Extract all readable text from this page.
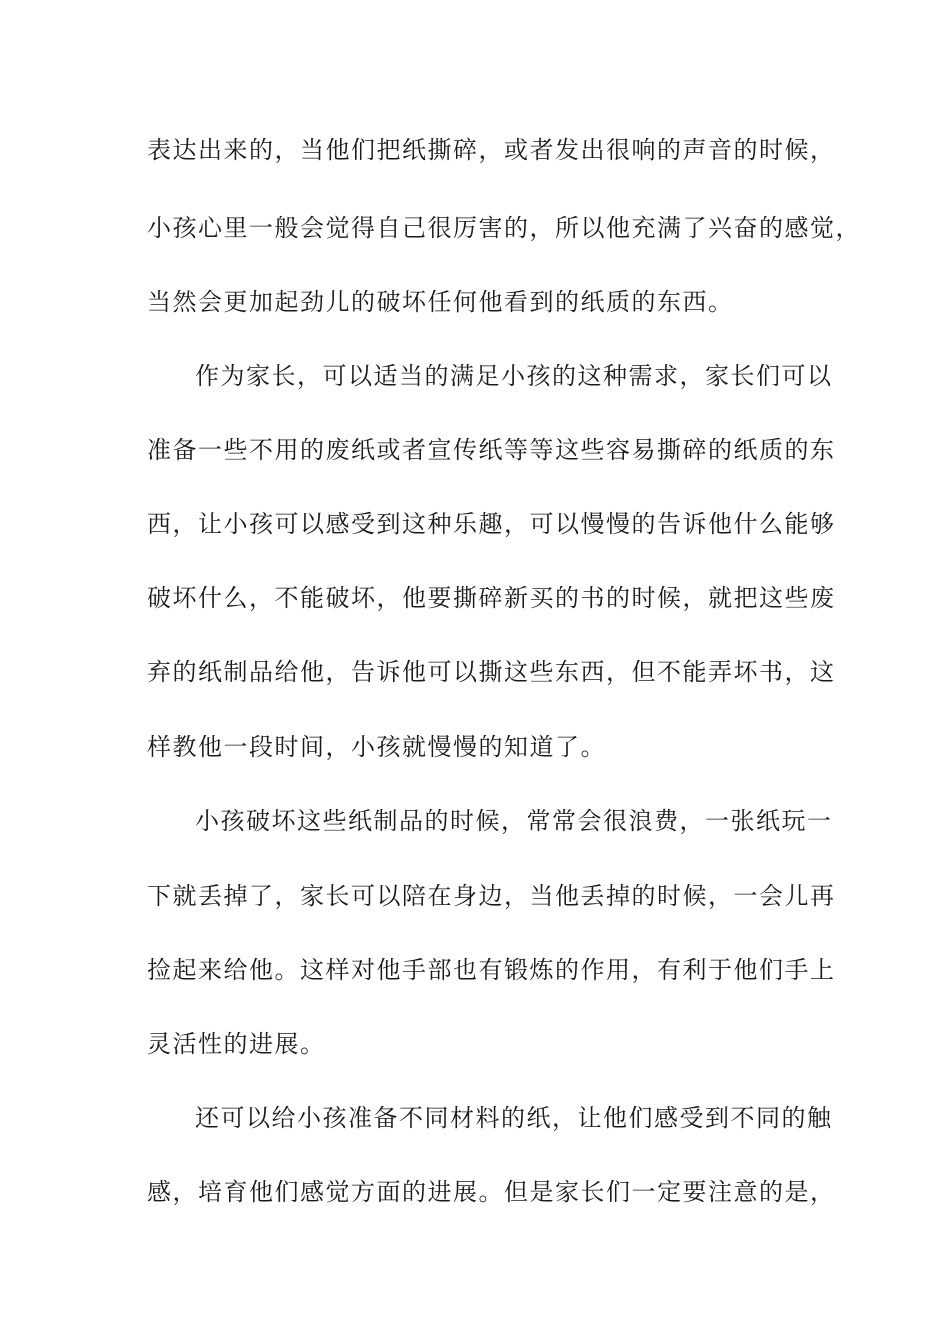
表达出来的，当他们把纸撕碎，或者发出很响的声音的时候，
小孩心里一般会觉得自己很厉害的，所以他充满了兴奋的感觉，
当然会更加起劲儿的破坏任何他看到的纸质的东西。
作为家长，可以适当的满足小孩的这种需求，家长们可以
准备一些不用的废纸或者宣传纸等等这些容易撕碎的纸质的东
西，让小孩可以感受到这种乐趣，可以慢慢的告诉他什么能够
破坏什么，不能破坏，他要撕碎新买的书的时候，就把这些废
弃的纸制品给他，告诉他可以撕这些东西，但不能弄坏书，这
样教他一段时间，小孩就慢慢的知道了。
小孩破坏这些纸制品的时候，常常会很浪费，一张纸玩一
下就丢掉了，家长可以陪在身边，当他丢掉的时候，一会儿再
捡起来给他。这样对他手部也有锻炼的作用，有利于他们手上
灵活性的进展。
还可以给小孩准备不同材料的纸，让他们感受到不同的触
感，培育他们感觉方面的进展。但是家长们一定要注意的是，
